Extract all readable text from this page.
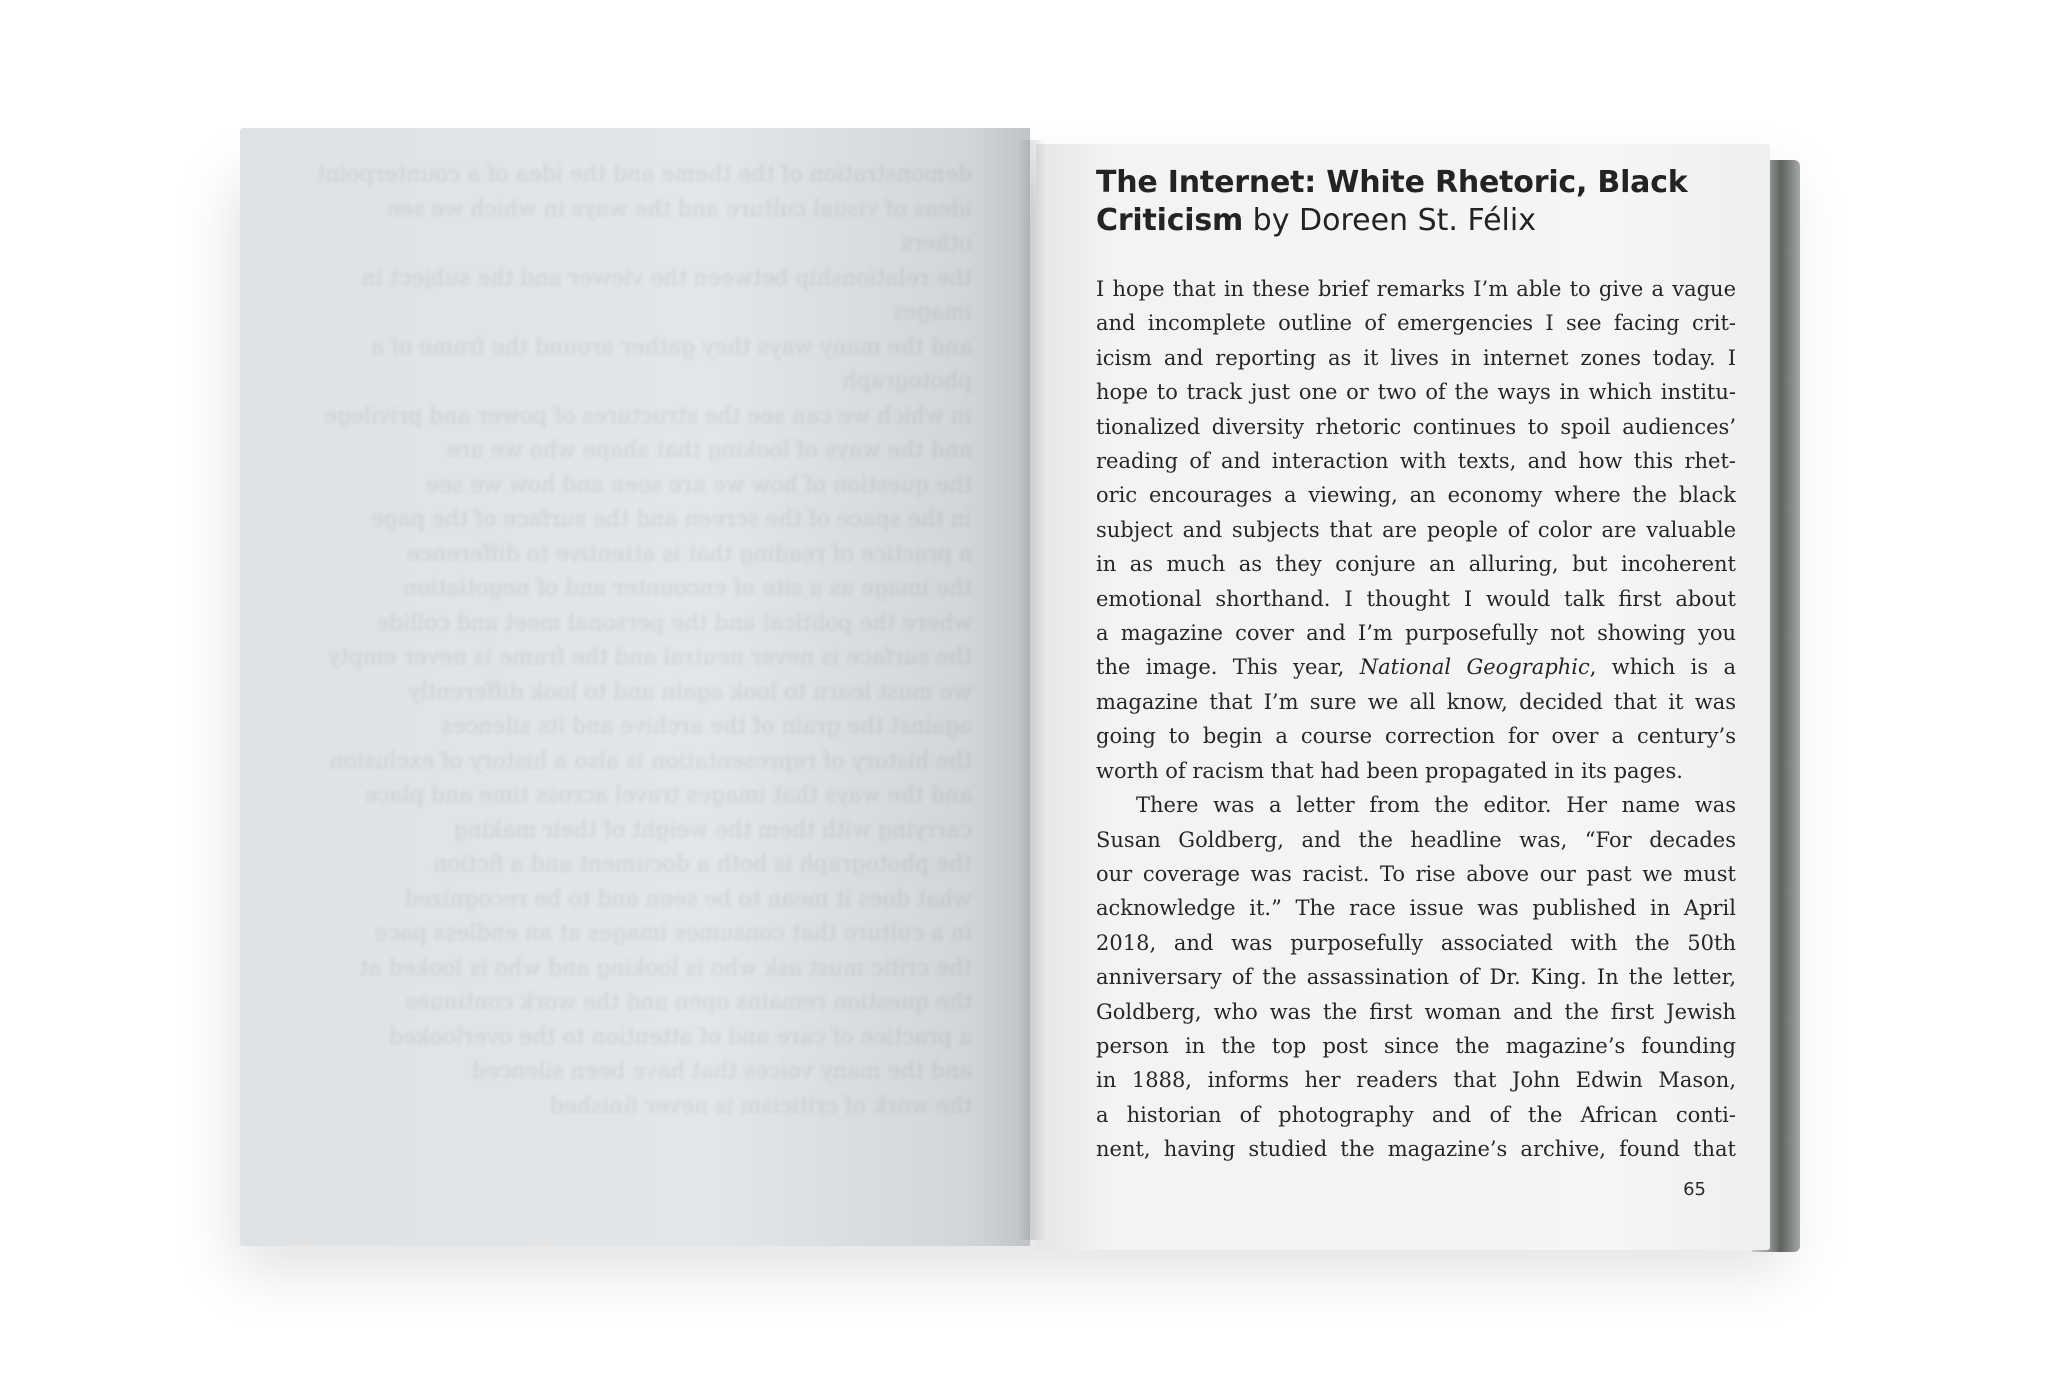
demonstration of the theme and the idea of a counterpoint
ideas of visual culture and the ways in which we see others
the relationship between the viewer and the subject in images
and the many ways they gather around the frame of a photograph
in which we can see the structures of power and privilege
and the ways of looking that shape who we are
the question of how we are seen and how we see
in the space of the screen and the surface of the page
a practice of reading that is attentive to difference
the image as a site of encounter and of negotiation
where the political and the personal meet and collide
the surface is never neutral and the frame is never empty
we must learn to look again and to look differently
against the grain of the archive and its silences
the history of representation is also a history of exclusion
and the ways that images travel across time and place
carrying with them the weight of their making
the photograph is both a document and a fiction
what does it mean to be seen and to be recognized
in a culture that consumes images at an endless pace
the critic must ask who is looking and who is looked at
the question remains open and the work continues
a practice of care and of attention to the overlooked
and the many voices that have been silenced
the work of criticism is never finished
The Internet: White Rhetoric, Black Criticism by Doreen St. Félix
I hope that in these brief remarks I’m able to give a vague
and incomplete outline of emergencies I see facing crit-
icism and reporting as it lives in internet zones today. I
hope to track just one or two of the ways in which institu-
tionalized diversity rhetoric continues to spoil audiences’
reading of and interaction with texts, and how this rhet-
oric encourages a viewing, an economy where the black
subject and subjects that are people of color are valuable
in as much as they conjure an alluring, but incoherent
emotional shorthand. I thought I would talk first about
a magazine cover and I’m purposefully not showing you
the image. This year, National Geographic, which is a
magazine that I’m sure we all know, decided that it was
going to begin a course correction for over a century’s
worth of racism that had been propagated in its pages.
There was a letter from the editor. Her name was
Susan Goldberg, and the headline was, “For decades
our coverage was racist. To rise above our past we must
acknowledge it.” The race issue was published in April
2018, and was purposefully associated with the 50th
anniversary of the assassination of Dr. King. In the letter,
Goldberg, who was the first woman and the first Jewish
person in the top post since the magazine’s founding
in 1888, informs her readers that John Edwin Mason,
a historian of photography and of the African conti-
nent, having studied the magazine’s archive, found that
65
